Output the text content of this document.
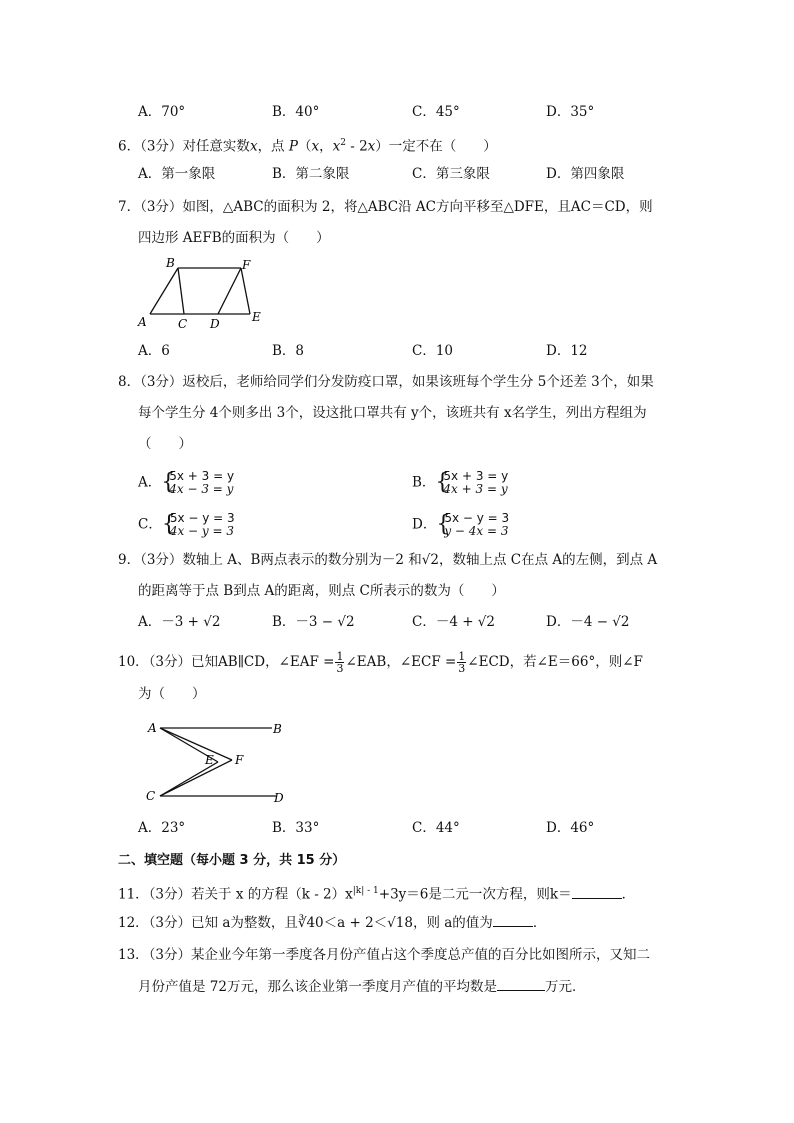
A．70°	B．40°	C．45°	D．35°
6．（3分）对任意实数x，点 P（x，$x^2 - 2x$）一定不在（　　）
A．第一象限	B．第二象限	C．第三象限	D．第四象限
7．（3分）如图，△ABC的面积为 2，将△ABC沿 AC方向平移至△DFE，且AC＝CD，则
四边形 AEFB的面积为（　　）
B	F
A	C D	E
A．6	B．8	C．10	D．12
8．（3分）返校后，老师给同学们分发防疫口罩，如果该班每个学生分 5个还差 3个，如果
每个学生分 4个则多出 3个，设这批口罩共有 y个，该班共有 x名学生，列出方程组为
（　　）
A． {
5x + 3 = y
4x − 3 = y	B． {
5x + 3 = y
4x + 3 = y
C． {
5x − y = 3
4x − y = 3	D． {
5x − y = 3
y − 4x = 3
9．（3分）数轴上 A、B两点表示的数分别为－2 和√2，数轴上点 C在点 A的左侧，到点 A
的距离等于点 B到点 A的距离，则点 C所表示的数为（　　）
A．－3 + √2	B．－3 − √2	C．－4 + √2	D．－4 − √2
10．（3分）已知AB∥CD，∠EAF = $\frac{1}{3}$ ∠EAB，∠ECF = $\frac{1}{3}$ ∠ECD，若∠E＝66°，则∠F
为（　　）
A	B
E F
C	D
A．23°	B．33°	C．44°	D．46°
二、填空题（每小题 3 分，共 15 分）
11．（3分）若关于 x 的方程$(k - 2)x^{|k| - 1}+3y=6$是二元一次方程，则k＝	．
12．（3分）已知 a为整数，且∛40＜a + 2＜√18，则 a的值为	．
13．（3分）某企业今年第一季度各月份产值占这个季度总产值的百分比如图所示，又知二
月份产值是 72万元，那么该企业第一季度月产值的平均数是	万元．
